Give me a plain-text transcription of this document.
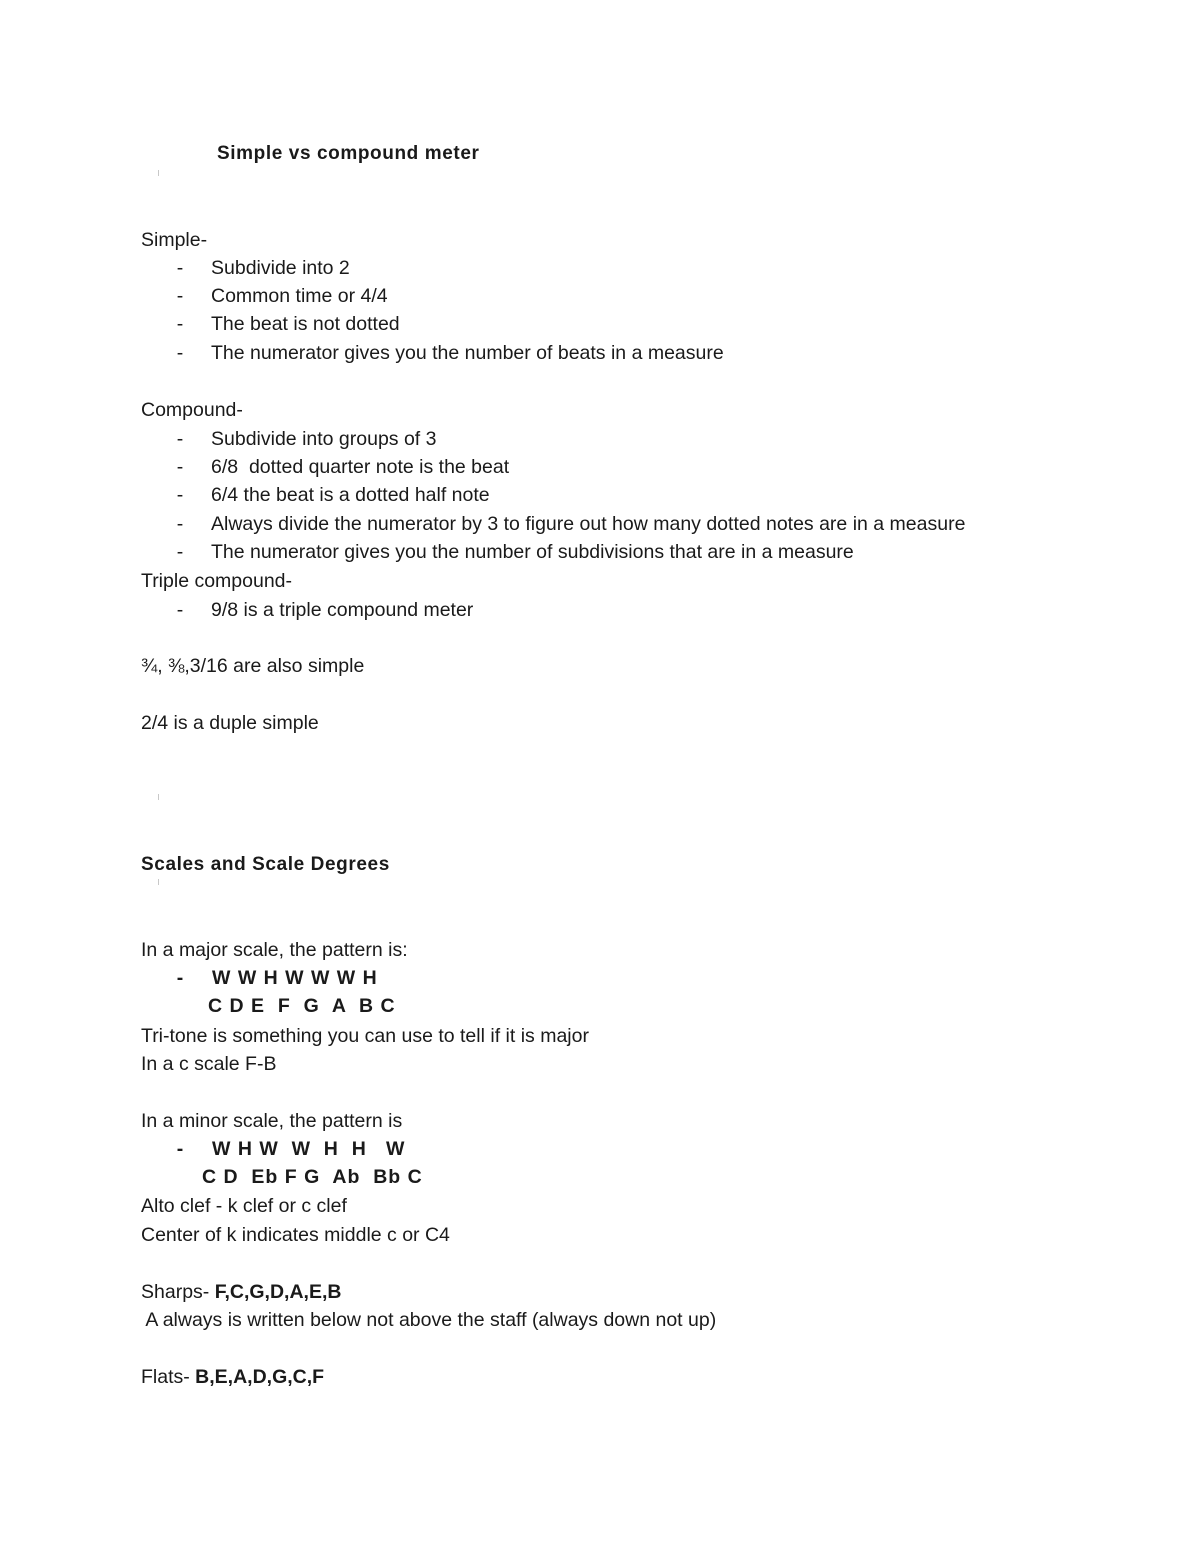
Simple vs compound meter
Simple-
-	Subdivide into 2
-	Common time or 4/4
-	The beat is not dotted
-	The numerator gives you the number of beats in a measure
Compound-
-	Subdivide into groups of 3
-	6/8  dotted quarter note is the beat
-	6/4 the beat is a dotted half note
-	Always divide the numerator by 3 to figure out how many dotted notes are in a measure
-	The numerator gives you the number of subdivisions that are in a measure
Triple compound-
-	9/8 is a triple compound meter
¾, ⅜,3/16 are also simple
2/4 is a duple simple
Scales and Scale Degrees
In a major scale, the pattern is:
-	W W H W W W H
C D E  F  G  A  B C
Tri-tone is something you can use to tell if it is major
In a c scale F-B
In a minor scale, the pattern is
-	W H W  W  H  H   W
C D  Eb F G  Ab  Bb C
Alto clef - k clef or c clef
Center of k indicates middle c or C4
Sharps- F,C,G,D,A,E,B
A always is written below not above the staff (always down not up)
Flats- B,E,A,D,G,C,F
